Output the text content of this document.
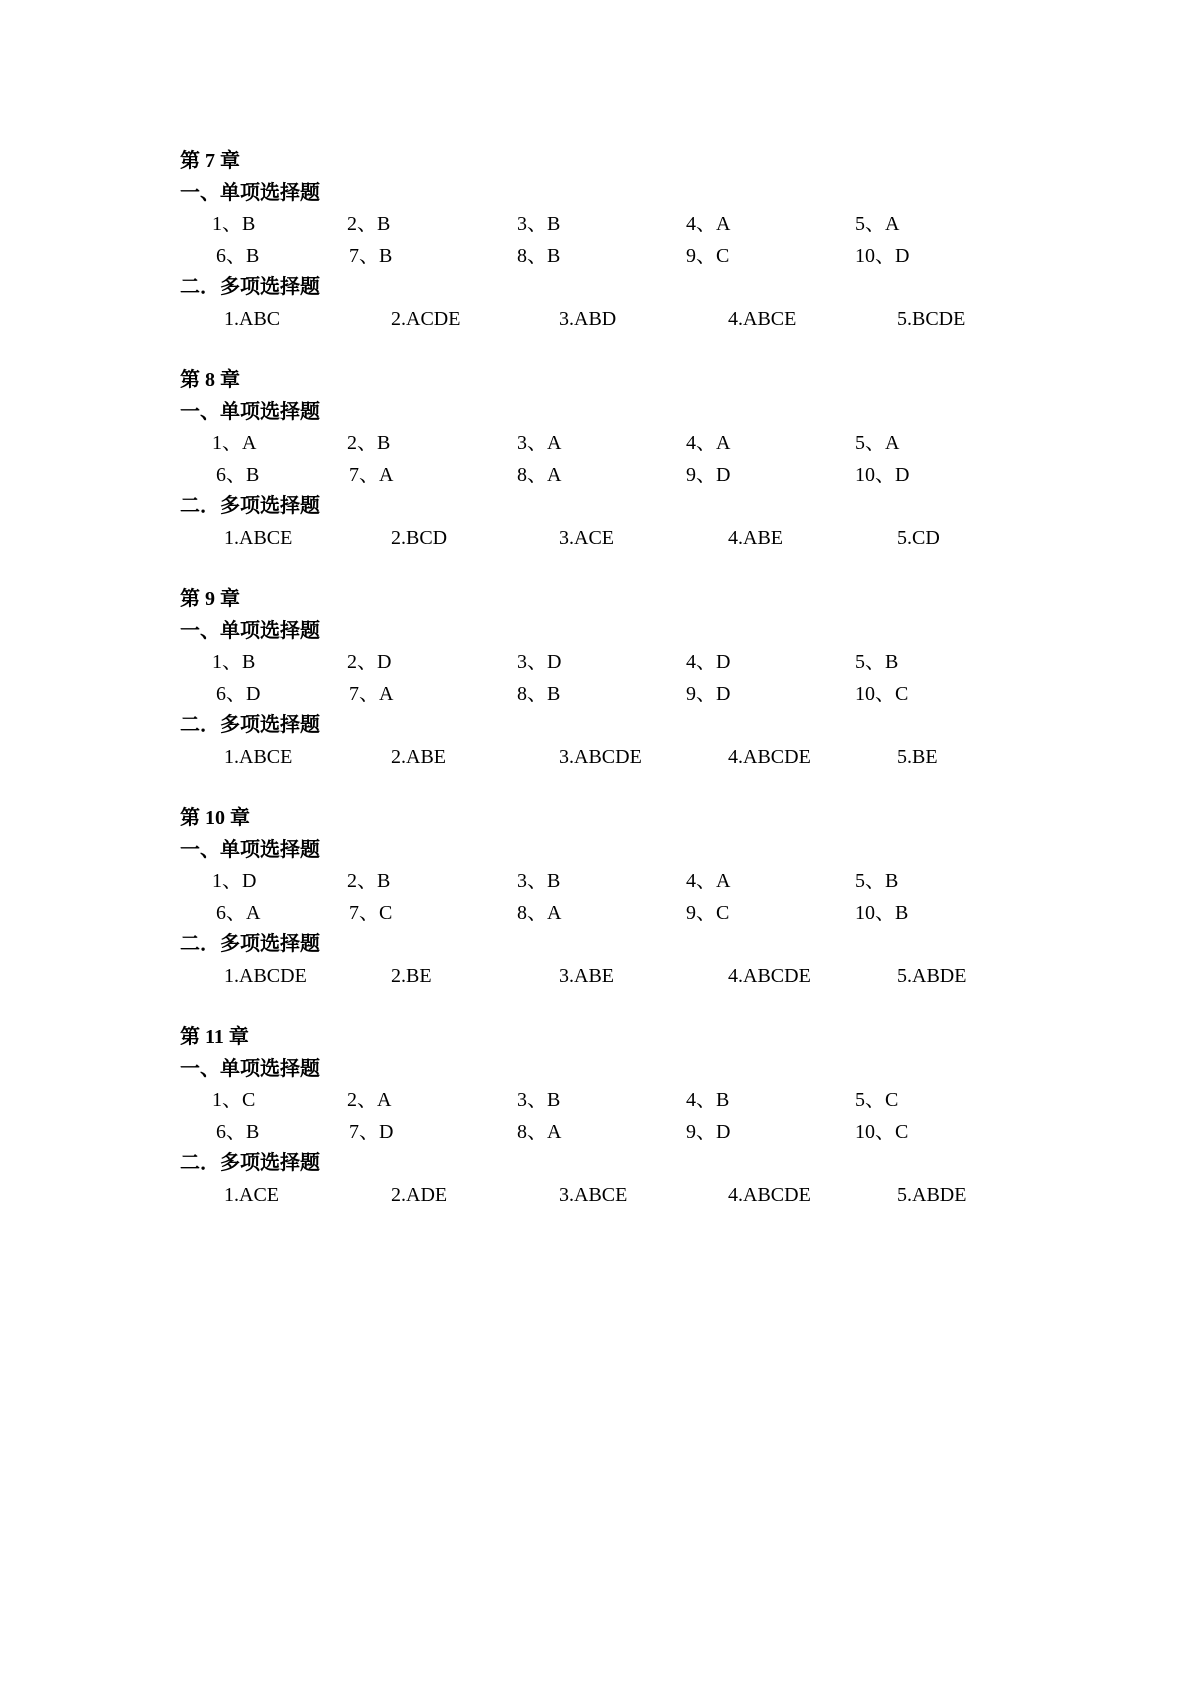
第 7 章
一、单项选择题
1、B	2、B	3、B	4、A	5、A
6、B	7、B	8、B	9、C	10、D
二．多项选择题
1.ABC	2.ACDE	3.ABD	4.ABCE	5.BCDE
第 8 章
一、单项选择题
1、A	2、B	3、A	4、A	5、A
6、B	7、A	8、A	9、D	10、D
二．多项选择题
1.ABCE	2.BCD	3.ACE	4.ABE	5.CD
第 9 章
一、单项选择题
1、B	2、D	3、D	4、D	5、B
6、D	7、A	8、B	9、D	10、C
二．多项选择题
1.ABCE	2.ABE	3.ABCDE	4.ABCDE	5.BE
第 10 章
一、单项选择题
1、D	2、B	3、B	4、A	5、B
6、A	7、C	8、A	9、C	10、B
二．多项选择题
1.ABCDE	2.BE	3.ABE	4.ABCDE	5.ABDE
第 11 章
一、单项选择题
1、C	2、A	3、B	4、B	5、C
6、B	7、D	8、A	9、D	10、C
二．多项选择题
1.ACE	2.ADE	3.ABCE	4.ABCDE	5.ABDE
